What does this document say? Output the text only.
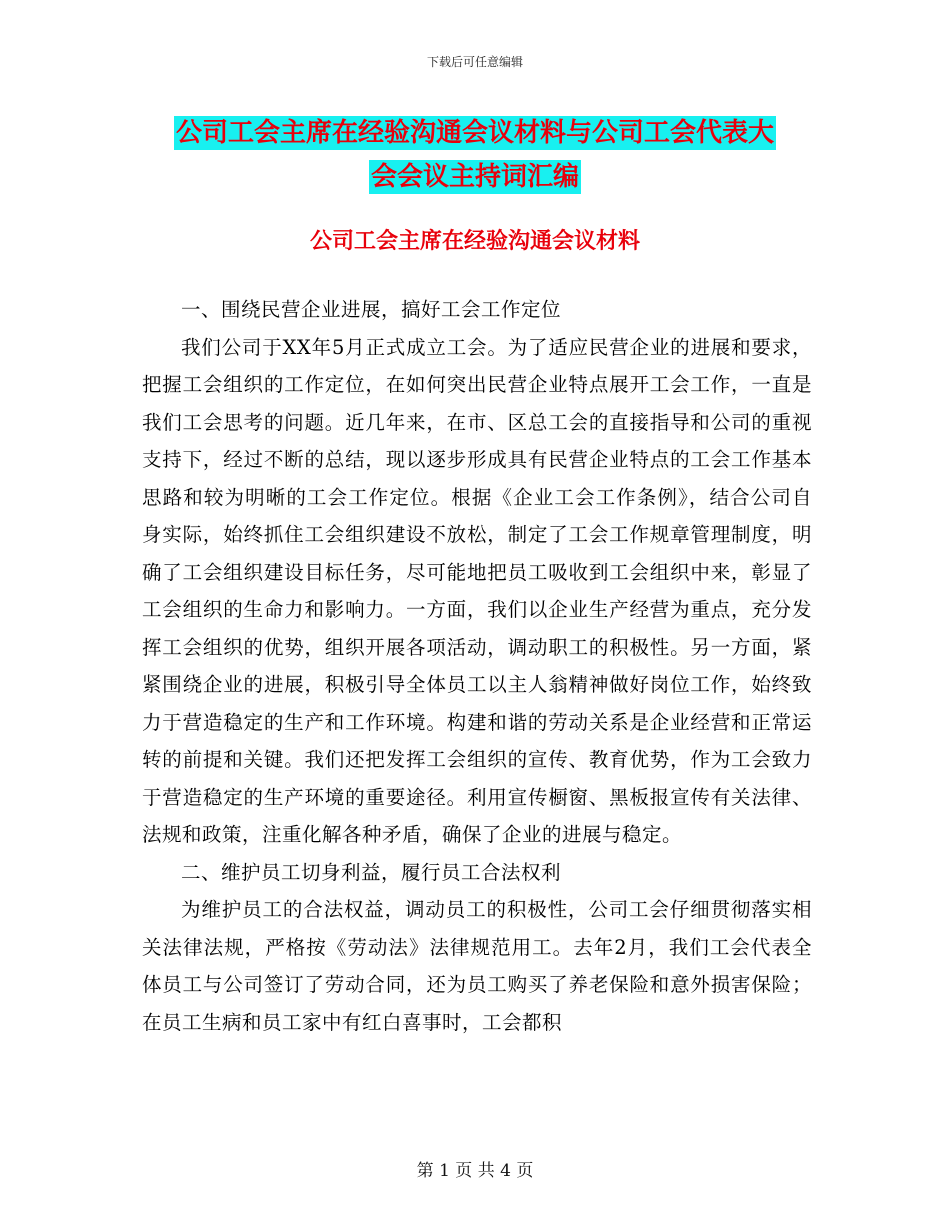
下载后可任意编辑
公司工会主席在经验沟通会议材料与公司工会代表大
会会议主持词汇编
公司工会主席在经验沟通会议材料

一、围绕民营企业进展，搞好工会工作定位

我们公司于XX年5月正式成立工会。为了适应民营企业的进展和要求，把握工会组织的工作定位，在如何突出民营企业特点展开工会工作，一直是我们工会思考的问题。近几年来，在市、区总工会的直接指导和公司的重视支持下，经过不断的总结，现以逐步形成具有民营企业特点的工会工作基本思路和较为明晰的工会工作定位。根据《企业工会工作条例》，结合公司自身实际，始终抓住工会组织建设不放松，制定了工会工作规章管理制度，明确了工会组织建设目标任务，尽可能地把员工吸收到工会组织中来，彰显了工会组织的生命力和影响力。一方面，我们以企业生产经营为重点，充分发挥工会组织的优势，组织开展各项活动，调动职工的积极性。另一方面，紧紧围绕企业的进展，积极引导全体员工以主人翁精神做好岗位工作，始终致力于营造稳定的生产和工作环境。构建和谐的劳动关系是企业经营和正常运转的前提和关键。我们还把发挥工会组织的宣传、教育优势，作为工会致力于营造稳定的生产环境的重要途径。利用宣传橱窗、黑板报宣传有关法律、法规和政策，注重化解各种矛盾，确保了企业的进展与稳定。

二、维护员工切身利益，履行员工合法权利

为维护员工的合法权益，调动员工的积极性，公司工会仔细贯彻落实相关法律法规，严格按《劳动法》法律规范用工。去年2月，我们工会代表全体员工与公司签订了劳动合同，还为员工购买了养老保险和意外损害保险；在员工生病和员工家中有红白喜事时，工会都积

第 1 页 共 4 页
